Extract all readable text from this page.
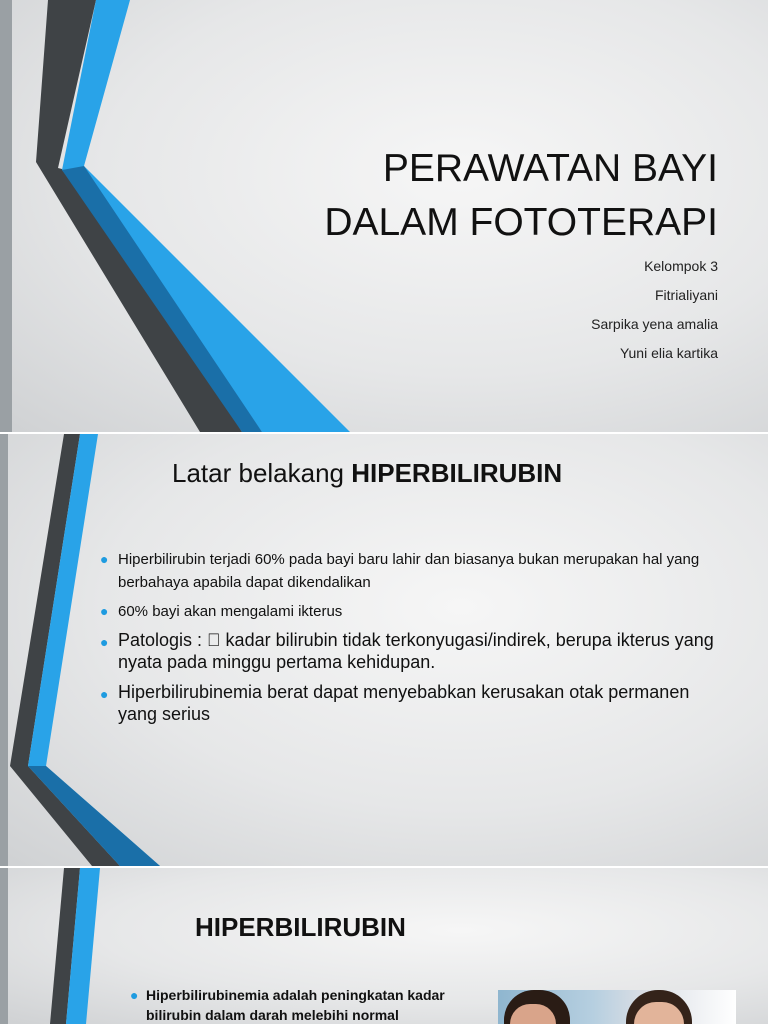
PERAWATAN BAYI
DALAM FOTOTERAPI
Kelompok 3
Fitrialiyani
Sarpika yena amalia
Yuni elia kartika
Latar belakang HIPERBILIRUBIN
● Hiperbilirubin terjadi 60% pada bayi baru lahir dan biasanya bukan merupakan hal yang berbahaya apabila dapat dikendalikan
● 60% bayi akan mengalami ikterus
● Patologis : kadar bilirubin tidak terkonyugasi/indirek, berupa ikterus yang nyata pada minggu pertama kehidupan.
● Hiperbilirubinemia berat dapat menyebabkan kerusakan otak permanen yang serius
HIPERBILIRUBIN
● Hiperbilirubinemia adalah peningkatan kadar bilirubin dalam darah melebihi normal
